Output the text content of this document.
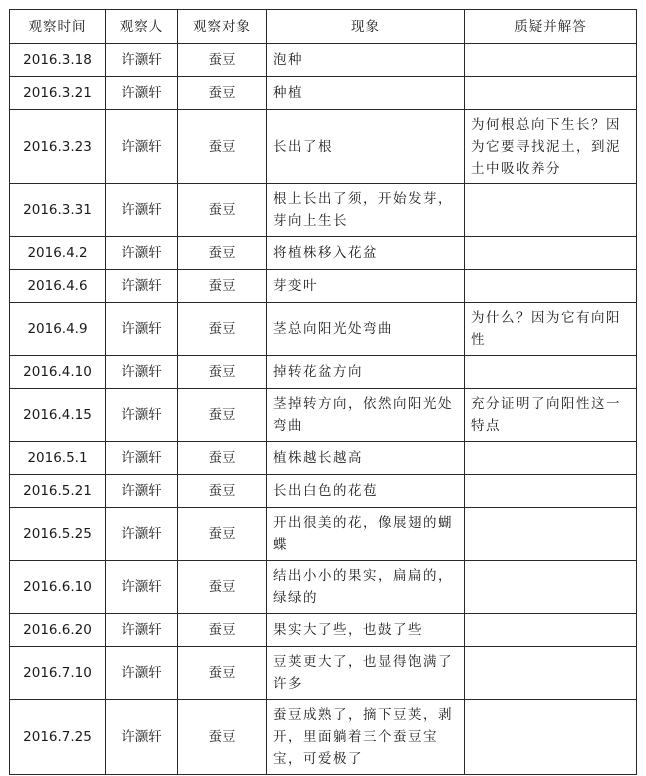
观察时间	观察人	观察对象	现象	质疑并解答
2016.3.18	许灏轩	蚕豆	泡种	
2016.3.21	许灏轩	蚕豆	种植	
2016.3.23	许灏轩	蚕豆	长出了根	为何根总向下生长？因为它要寻找泥土，到泥土中吸收养分
2016.3.31	许灏轩	蚕豆	根上长出了须，开始发芽，芽向上生长	
2016.4.2	许灏轩	蚕豆	将植株移入花盆	
2016.4.6	许灏轩	蚕豆	芽变叶	
2016.4.9	许灏轩	蚕豆	茎总向阳光处弯曲	为什么？因为它有向阳性
2016.4.10	许灏轩	蚕豆	掉转花盆方向	
2016.4.15	许灏轩	蚕豆	茎掉转方向，依然向阳光处弯曲	充分证明了向阳性这一特点
2016.5.1	许灏轩	蚕豆	植株越长越高	
2016.5.21	许灏轩	蚕豆	长出白色的花苞	
2016.5.25	许灏轩	蚕豆	开出很美的花，像展翅的蝴蝶	
2016.6.10	许灏轩	蚕豆	结出小小的果实，扁扁的，绿绿的	
2016.6.20	许灏轩	蚕豆	果实大了些，也鼓了些	
2016.7.10	许灏轩	蚕豆	豆荚更大了，也显得饱满了许多	
2016.7.25	许灏轩	蚕豆	蚕豆成熟了，摘下豆荚，剥开，里面躺着三个蚕豆宝宝，可爱极了	
